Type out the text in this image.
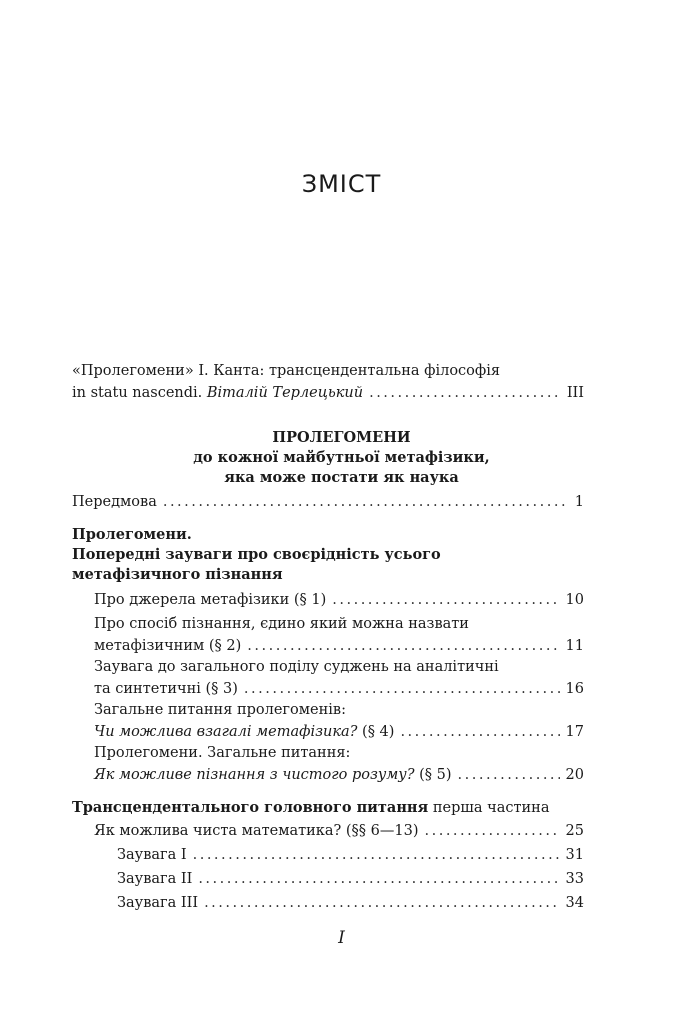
ЗМІСТ
«Пролегомени» І. Канта: трансцендентальна філософія
in statu nascendi. Віталій Терлецький .....	III
ПРОЛЕГОМЕНИ
до кожної майбутньої метафізики,
яка може постати як наука
Передмова .....	1
Пролегомени.
Попередні зауваги про своєрідність усього
метафізичного пізнання
Про джерела метафізики (§ 1) .....	10
Про спосіб пізнання, єдино який можна назвати
метафізичним (§ 2) .....	11
Заувага до загального поділу суджень на аналітичні
та синтетичні (§ 3) .....	16
Загальне питання пролегоменів:
Чи можлива взагалі метафізика? (§ 4) .....	17
Пролегомени. Загальне питання:
Як можливе пізнання з чистого розуму? (§ 5) .....	20
Трансцендентального головного питання перша частина
Як можлива чиста математика? (§§ 6—13) .....	25
Заувага I .....	31
Заувага II .....	33
Заувага III .....	34
I
